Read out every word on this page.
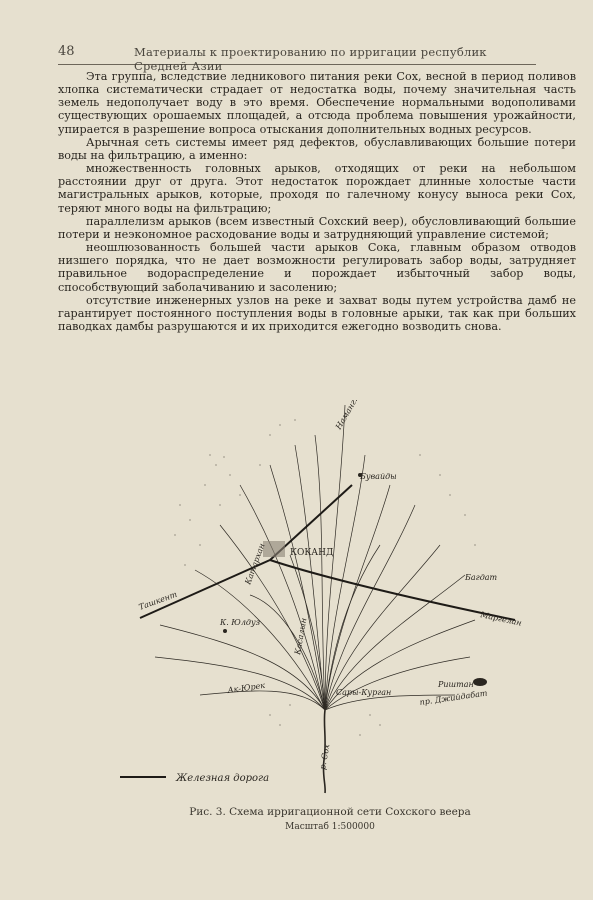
48	Материалы к проектированию по ирригации республик Средней Азии

Эта группа, вследствие ледникового питания реки Сох, весной в период поливов хлопка систематически страдает от недостатка воды, почему значительная часть земель недополучает воду в это время. Обеспечение нормальными водополивами существующих орошаемых площадей, а отсюда проблема повышения урожайности, упирается в разрешение вопроса отыскания дополнительных водных ресурсов.

Арычная сеть системы имеет ряд дефектов, обуславливающих большие потери воды на фильтрацию, а именно:

множественность головных арыков, отходящих от реки на небольшом расстоянии друг от друга. Этот недостаток порождает длинные холостые части магистральных арыков, которые, проходя по галечному конусу выноса реки Сох, теряют много воды на фильтрацию;

параллелизм арыков (всем известный Сохский веер), обусловливающий большие потери и неэкономное расходование воды и затрудняющий управление системой;

неошлюзованность большей части арыков Сока, главным образом отводов низшего порядка, что не дает возможности регулировать забор воды, затрудняет правильное водораспределение и порождает избыточный забор воды, способствующий заболачиванию и засолению;

отсутствие инженерных узлов на реке и захват воды путем устройства дамб не гарантирует постоянного поступления воды в головные арыки, так как при больших паводках дамбы разрушаются и их приходится ежегодно возводить снова.

Наманг.
Бувайды
КОКАНД
Багдат
Маргелан
Ташкент
К. Юлдуз
Ак-Юрек	Сары-Курган
Риштан
пр. Джийдабат
р. Сох
Касалын
Катархан
Железная дорога
Рис. 3. Схема ирригационной сети Сохского веера
Масштаб 1:500000
